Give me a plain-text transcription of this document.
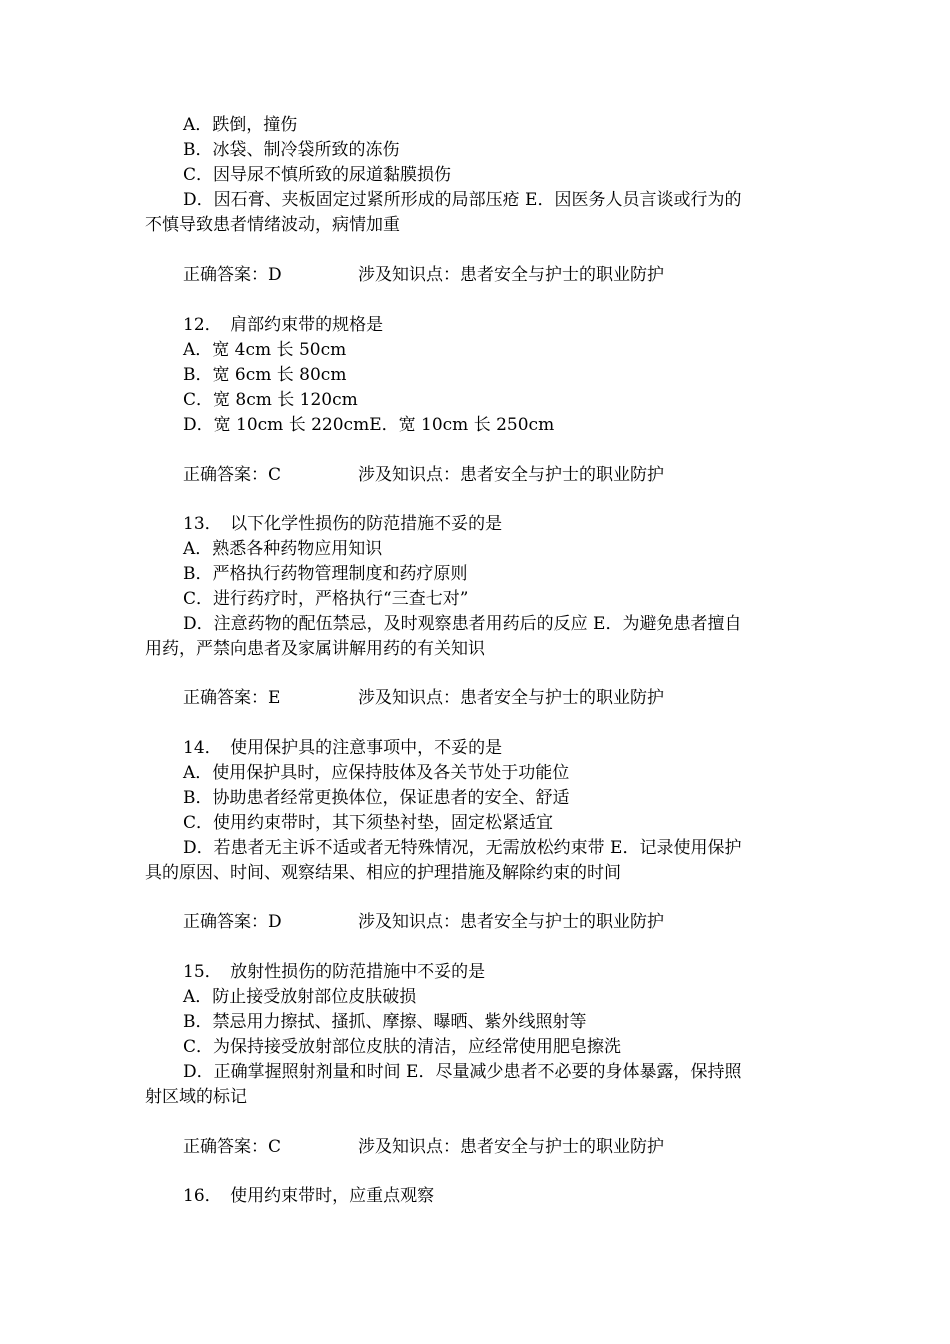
A．跌倒，撞伤
B．冰袋、制冷袋所致的冻伤
C．因导尿不慎所致的尿道黏膜损伤
D．因石膏、夹板固定过紧所形成的局部压疮 E．因医务人员言谈或行为的
不慎导致患者情绪波动，病情加重
正确答案：D	涉及知识点：患者安全与护士的职业防护
12．　肩部约束带的规格是
A．宽 4cm 长 50cm
B．宽 6cm 长 80cm
C．宽 8cm 长 120cm
D．宽 10cm 长 220cmE．宽 10cm 长 250cm
正确答案：C	涉及知识点：患者安全与护士的职业防护
13．　以下化学性损伤的防范措施不妥的是
A．熟悉各种药物应用知识
B．严格执行药物管理制度和药疗原则
C．进行药疗时，严格执行“三查七对”
D．注意药物的配伍禁忌，及时观察患者用药后的反应 E．为避免患者擅自
用药，严禁向患者及家属讲解用药的有关知识
正确答案：E	涉及知识点：患者安全与护士的职业防护
14．　使用保护具的注意事项中，不妥的是
A．使用保护具时，应保持肢体及各关节处于功能位
B．协助患者经常更换体位，保证患者的安全、舒适
C．使用约束带时，其下须垫衬垫，固定松紧适宜
D．若患者无主诉不适或者无特殊情况，无需放松约束带 E．记录使用保护
具的原因、时间、观察结果、相应的护理措施及解除约束的时间
正确答案：D	涉及知识点：患者安全与护士的职业防护
15．　放射性损伤的防范措施中不妥的是
A．防止接受放射部位皮肤破损
B．禁忌用力擦拭、搔抓、摩擦、曝晒、紫外线照射等
C．为保持接受放射部位皮肤的清洁，应经常使用肥皂擦洗
D．正确掌握照射剂量和时间 E．尽量减少患者不必要的身体暴露，保持照
射区域的标记
正确答案：C	涉及知识点：患者安全与护士的职业防护
16．　使用约束带时，应重点观察
